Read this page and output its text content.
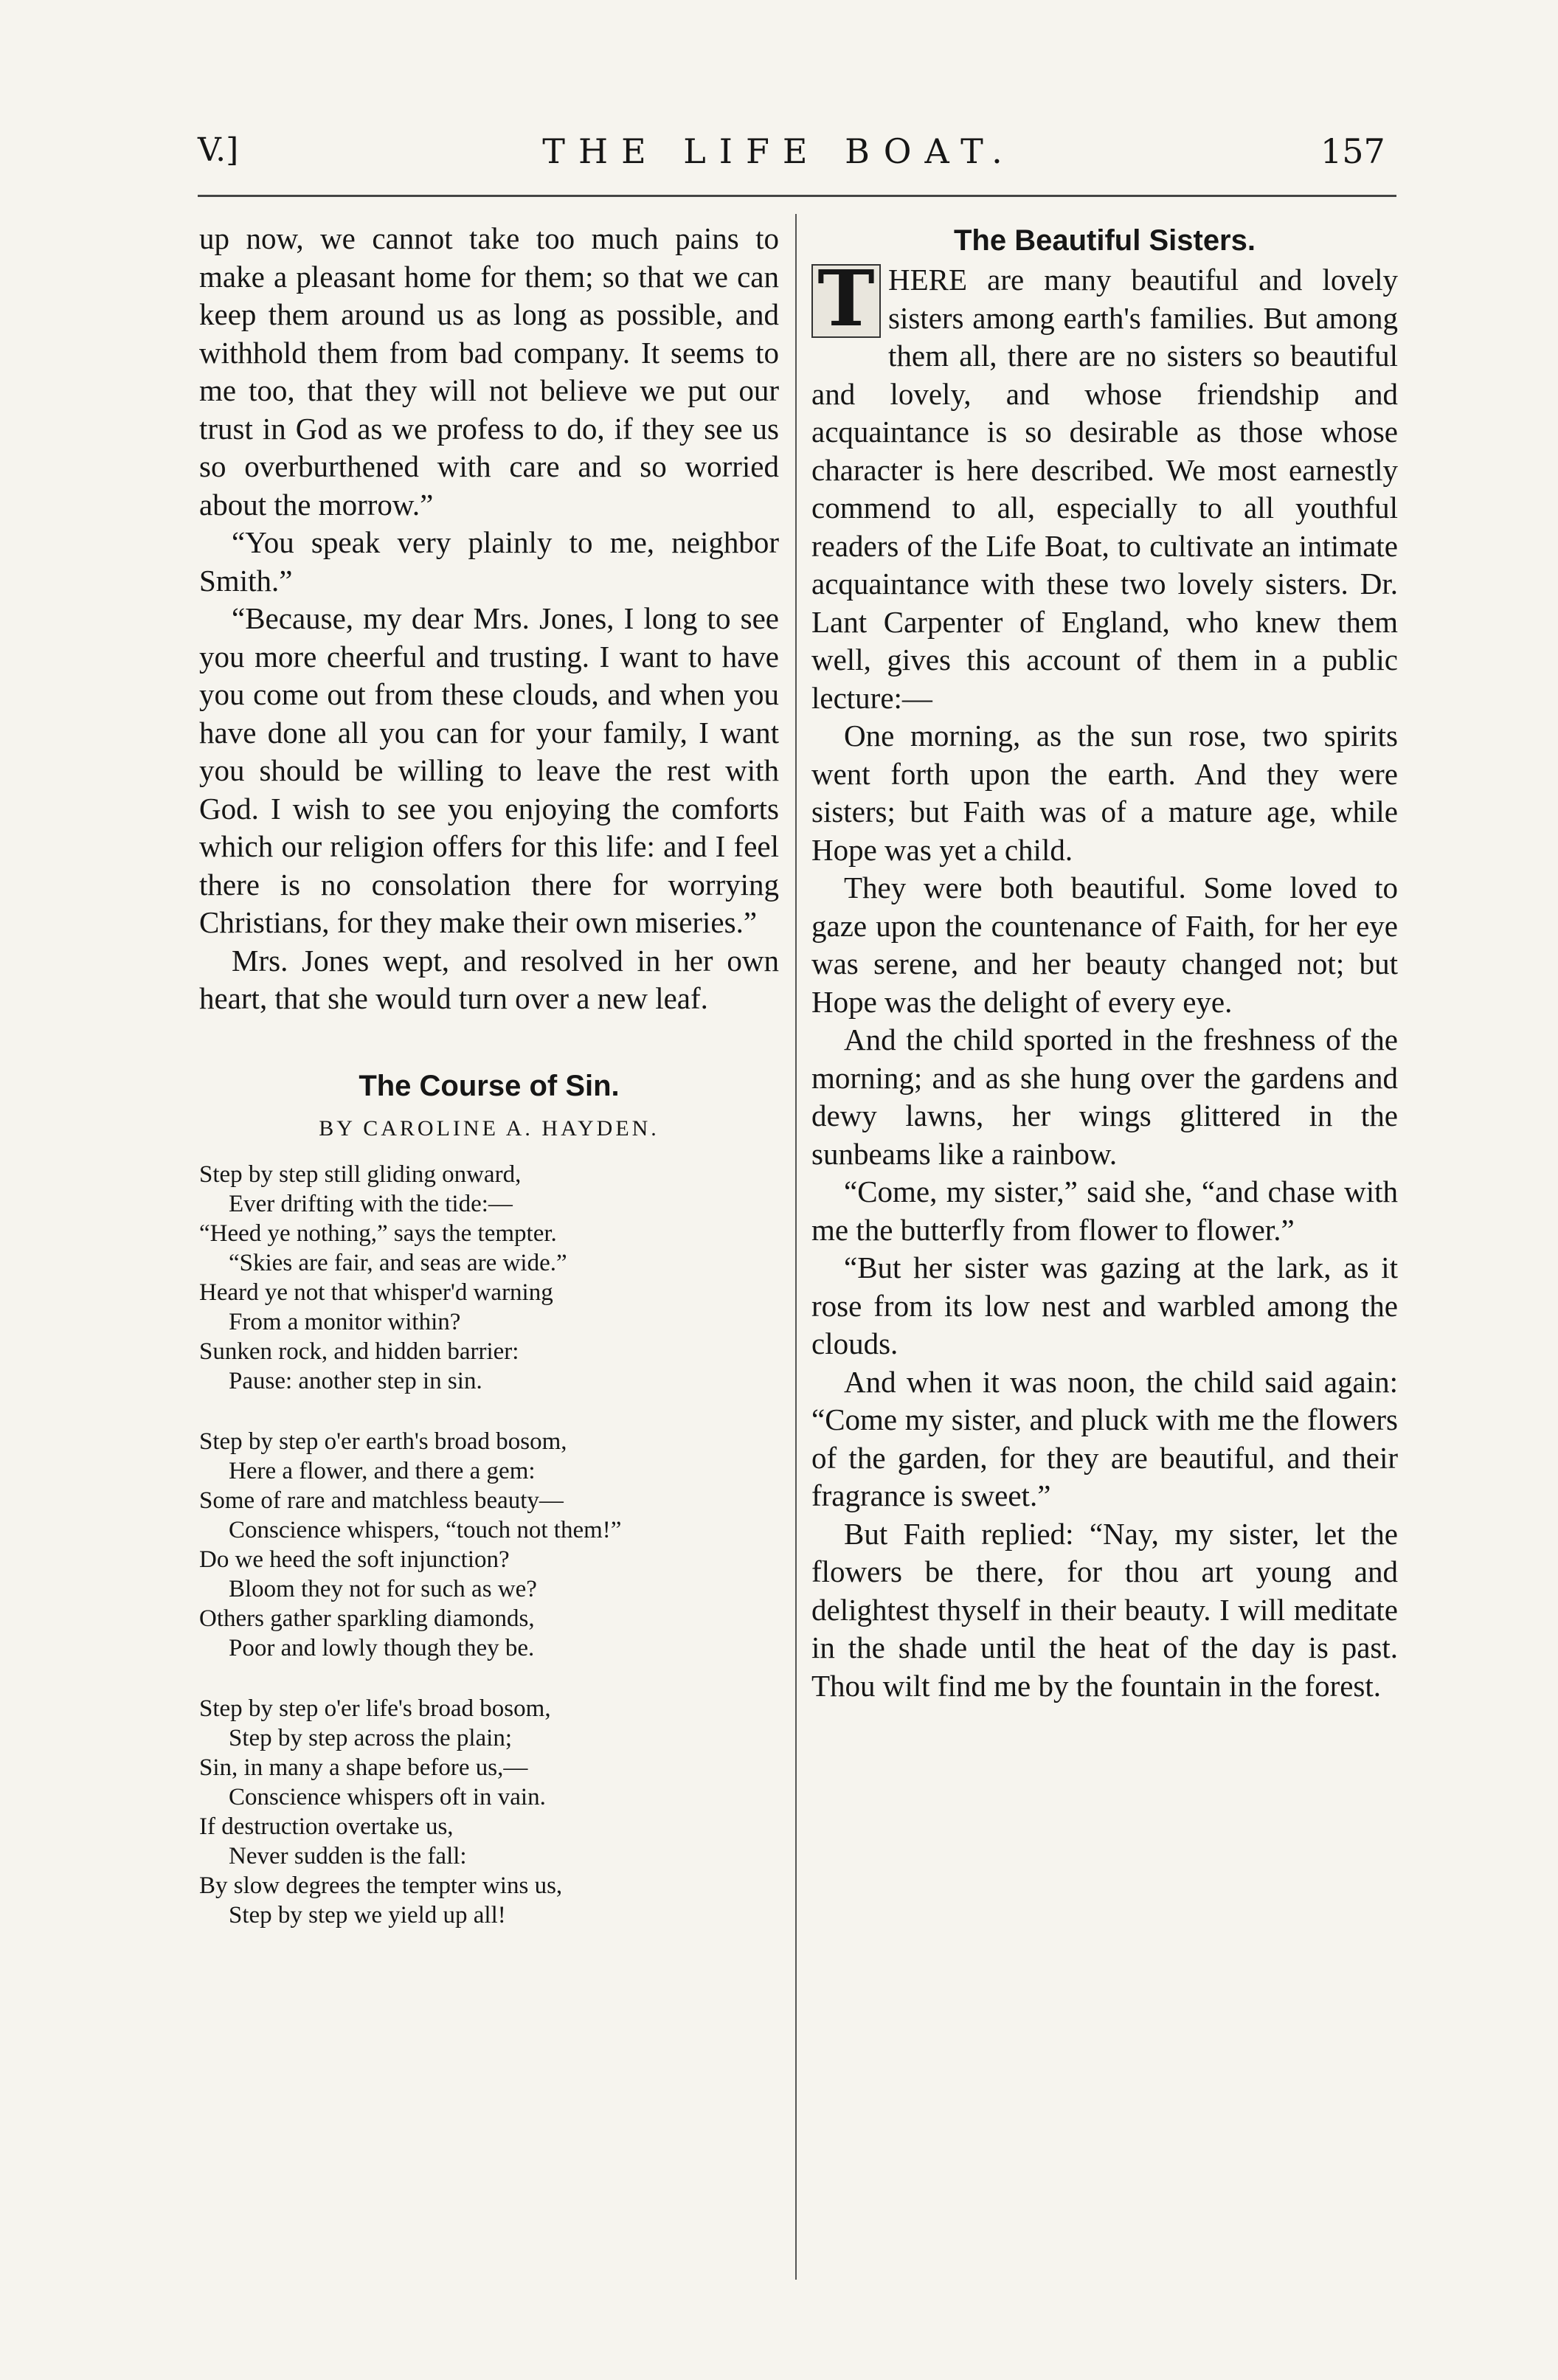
V.]	THE LIFE BOAT.	157

up now, we cannot take too much pains to make a pleasant home for them; so that we can keep them around us as long as possible, and withhold them from bad company. It seems to me too, that they will not believe we put our trust in God as we profess to do, if they see us so overburthened with care and so worried about the morrow.”

“You speak very plainly to me, neighbor Smith.”

“Because, my dear Mrs. Jones, I long to see you more cheerful and trusting. I want to have you come out from these clouds, and when you have done all you can for your family, I want you should be willing to leave the rest with God. I wish to see you enjoying the comforts which our religion offers for this life: and I feel there is no consolation there for worrying Christians, for they make their own miseries.”

Mrs. Jones wept, and resolved in her own heart, that she would turn over a new leaf.

The Course of Sin.
BY CAROLINE A. HAYDEN.
Step by step still gliding onward,
Ever drifting with the tide:—
“Heed ye nothing,” says the tempter.
“Skies are fair, and seas are wide.”
Heard ye not that whisper'd warning
From a monitor within?
Sunken rock, and hidden barrier:
Pause: another step in sin.
Step by step o'er earth's broad bosom,
Here a flower, and there a gem:
Some of rare and matchless beauty—
Conscience whispers, “touch not them!”
Do we heed the soft injunction?
Bloom they not for such as we?
Others gather sparkling diamonds,
Poor and lowly though they be.
Step by step o'er life's broad bosom,
Step by step across the plain;
Sin, in many a shape before us,—
Conscience whispers oft in vain.
If destruction overtake us,
Never sudden is the fall:
By slow degrees the tempter wins us,
Step by step we yield up all!
The Beautiful Sisters.
T HERE are many beautiful and lovely sisters among earth's families. But among them all, there are no sisters so beautiful and lovely, and whose friendship and acquaintance is so desirable as those whose character is here described. We most earnestly commend to all, especially to all youthful readers of the Life Boat, to cultivate an intimate acquaintance with these two lovely sisters. Dr. Lant Carpenter of England, who knew them well, gives this account of them in a public lecture:—

One morning, as the sun rose, two spirits went forth upon the earth. And they were sisters; but Faith was of a mature age, while Hope was yet a child.

They were both beautiful. Some loved to gaze upon the countenance of Faith, for her eye was serene, and her beauty changed not; but Hope was the delight of every eye.

And the child sported in the freshness of the morning; and as she hung over the gardens and dewy lawns, her wings glittered in the sunbeams like a rainbow.

“Come, my sister,” said she, “and chase with me the butterfly from flower to flower.”

“But her sister was gazing at the lark, as it rose from its low nest and warbled among the clouds.

And when it was noon, the child said again: “Come my sister, and pluck with me the flowers of the garden, for they are beautiful, and their fragrance is sweet.”

But Faith replied: “Nay, my sister, let the flowers be there, for thou art young and delightest thyself in their beauty. I will meditate in the shade until the heat of the day is past. Thou wilt find me by the fountain in the forest.
